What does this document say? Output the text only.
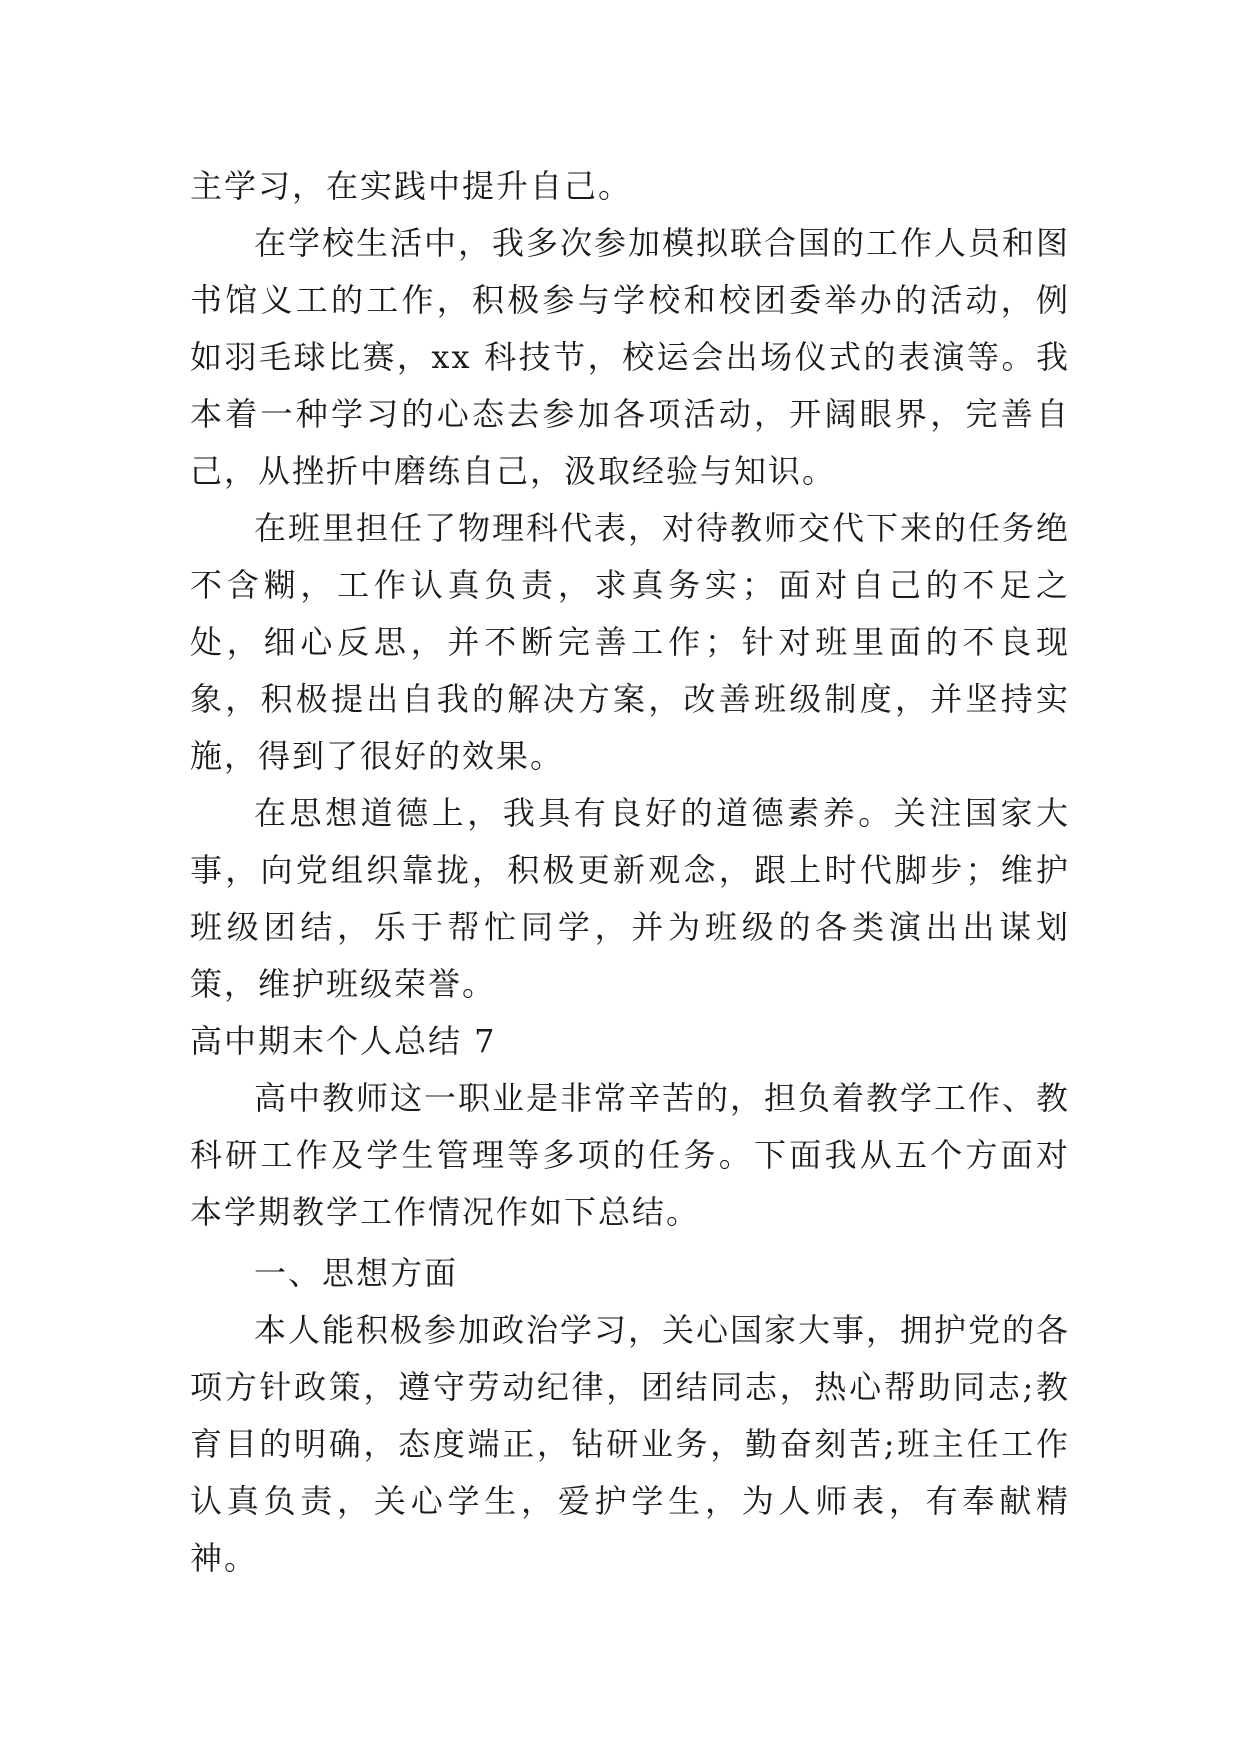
主学习，在实践中提升自己。

在学校生活中，我多次参加模拟联合国的工作人员和图书馆义工的工作，积极参与学校和校团委举办的活动，例如羽毛球比赛，xx 科技节，校运会出场仪式的表演等。我本着一种学习的心态去参加各项活动，开阔眼界，完善自己，从挫折中磨练自己，汲取经验与知识。

在班里担任了物理科代表，对待教师交代下来的任务绝不含糊，工作认真负责，求真务实；面对自己的不足之处，细心反思，并不断完善工作；针对班里面的不良现象，积极提出自我的解决方案，改善班级制度，并坚持实施，得到了很好的效果。

在思想道德上，我具有良好的道德素养。关注国家大事，向党组织靠拢，积极更新观念，跟上时代脚步；维护班级团结，乐于帮忙同学，并为班级的各类演出出谋划策，维护班级荣誉。

高中期末个人总结 7

高中教师这一职业是非常辛苦的，担负着教学工作、教科研工作及学生管理等多项的任务。下面我从五个方面对本学期教学工作情况作如下总结。

一、思想方面

本人能积极参加政治学习，关心国家大事，拥护党的各项方针政策，遵守劳动纪律，团结同志，热心帮助同志;教育目的明确，态度端正，钻研业务，勤奋刻苦;班主任工作认真负责，关心学生，爱护学生，为人师表，有奉献精神。
